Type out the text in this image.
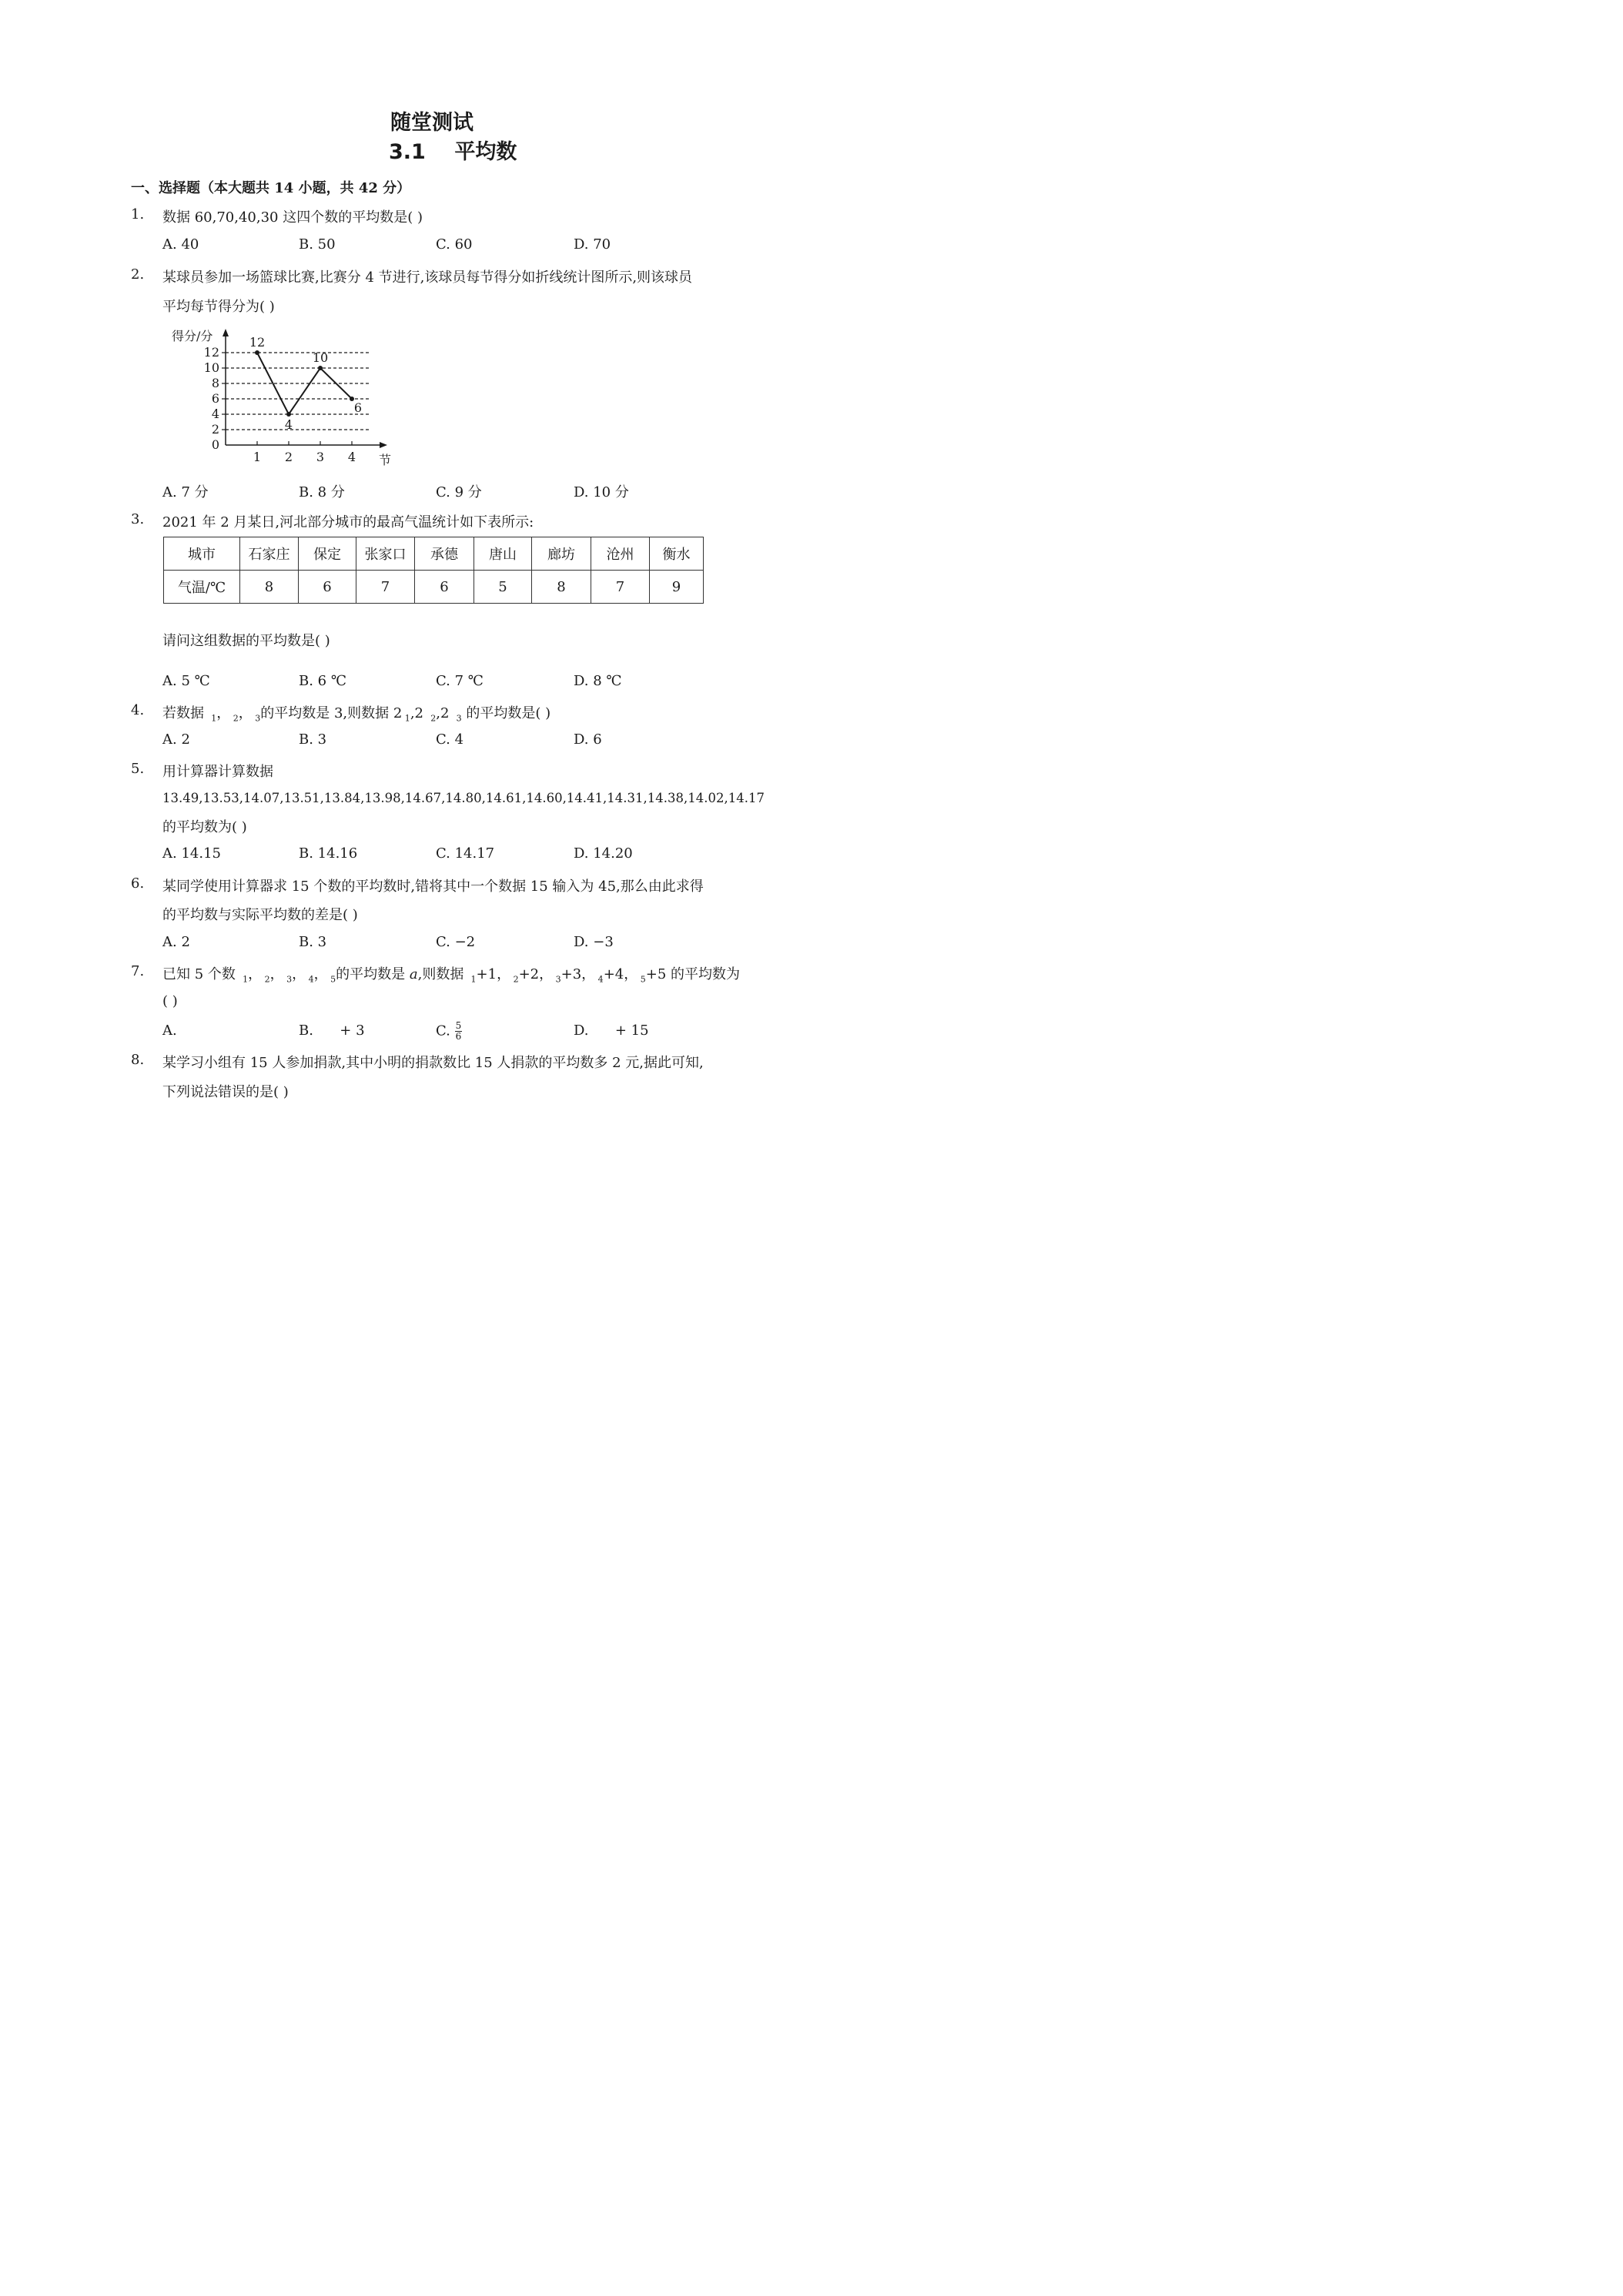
随堂测试
3.1    平均数
一、选择题（本大题共 14 小题，共 42 分）
1. 数据 60,70,40,30 这四个数的平均数是( )
A. 40	B. 50	C. 60	D. 70
2. 某球员参加一场篮球比赛,比赛分 4 节进行,该球员每节得分如折线统计图所示,则该球员
平均每节得分为( )
得分/分
0
2
4
6
8
10
12
1 2 3 4
12
4
10
6
节
A. 7 分	B. 8 分	C. 9 分	D. 10 分
3. 2021 年 2 月某日,河北部分城市的最高气温统计如下表所示:
城市	石家庄	保定	张家口	承德	唐山	廊坊	沧州	衡水
气温/℃	8	6	7	6	5	8	7	9
请问这组数据的平均数是( )
A. 5 ℃	B. 6 ℃	C. 7 ℃	D. 8 ℃
4. 若数据  $_1$， $_2$， $_3$的平均数是 3,则数据 2 $_1$,2  $_2$,2  $_3$ 的平均数是( )
A. 2	B. 3	C. 4	D. 6
5. 用计算器计算数据
13.49,13.53,14.07,13.51,13.84,13.98,14.67,14.80,14.61,14.60,14.41,14.31,14.38,14.02,14.17
的平均数为( )
A. 14.15	B. 14.16	C. 14.17	D. 14.20
6. 某同学使用计算器求 15 个数的平均数时,错将其中一个数据 15 输入为 45,那么由此求得
的平均数与实际平均数的差是( )
A. 2	B. 3	C. −2	D. −3
7. 已知 5 个数  $_1$， $_2$， $_3$， $_4$， $_5$的平均数是 a,则数据  $_1$+1， $_2$+2， $_3$+3， $_4$+4， $_5$+5 的平均数为
( )
A.	B.      + 3	C. $\frac{5}{6}$	D.      + 15
8. 某学习小组有 15 人参加捐款,其中小明的捐款数比 15 人捐款的平均数多 2 元,据此可知,
下列说法错误的是( )
